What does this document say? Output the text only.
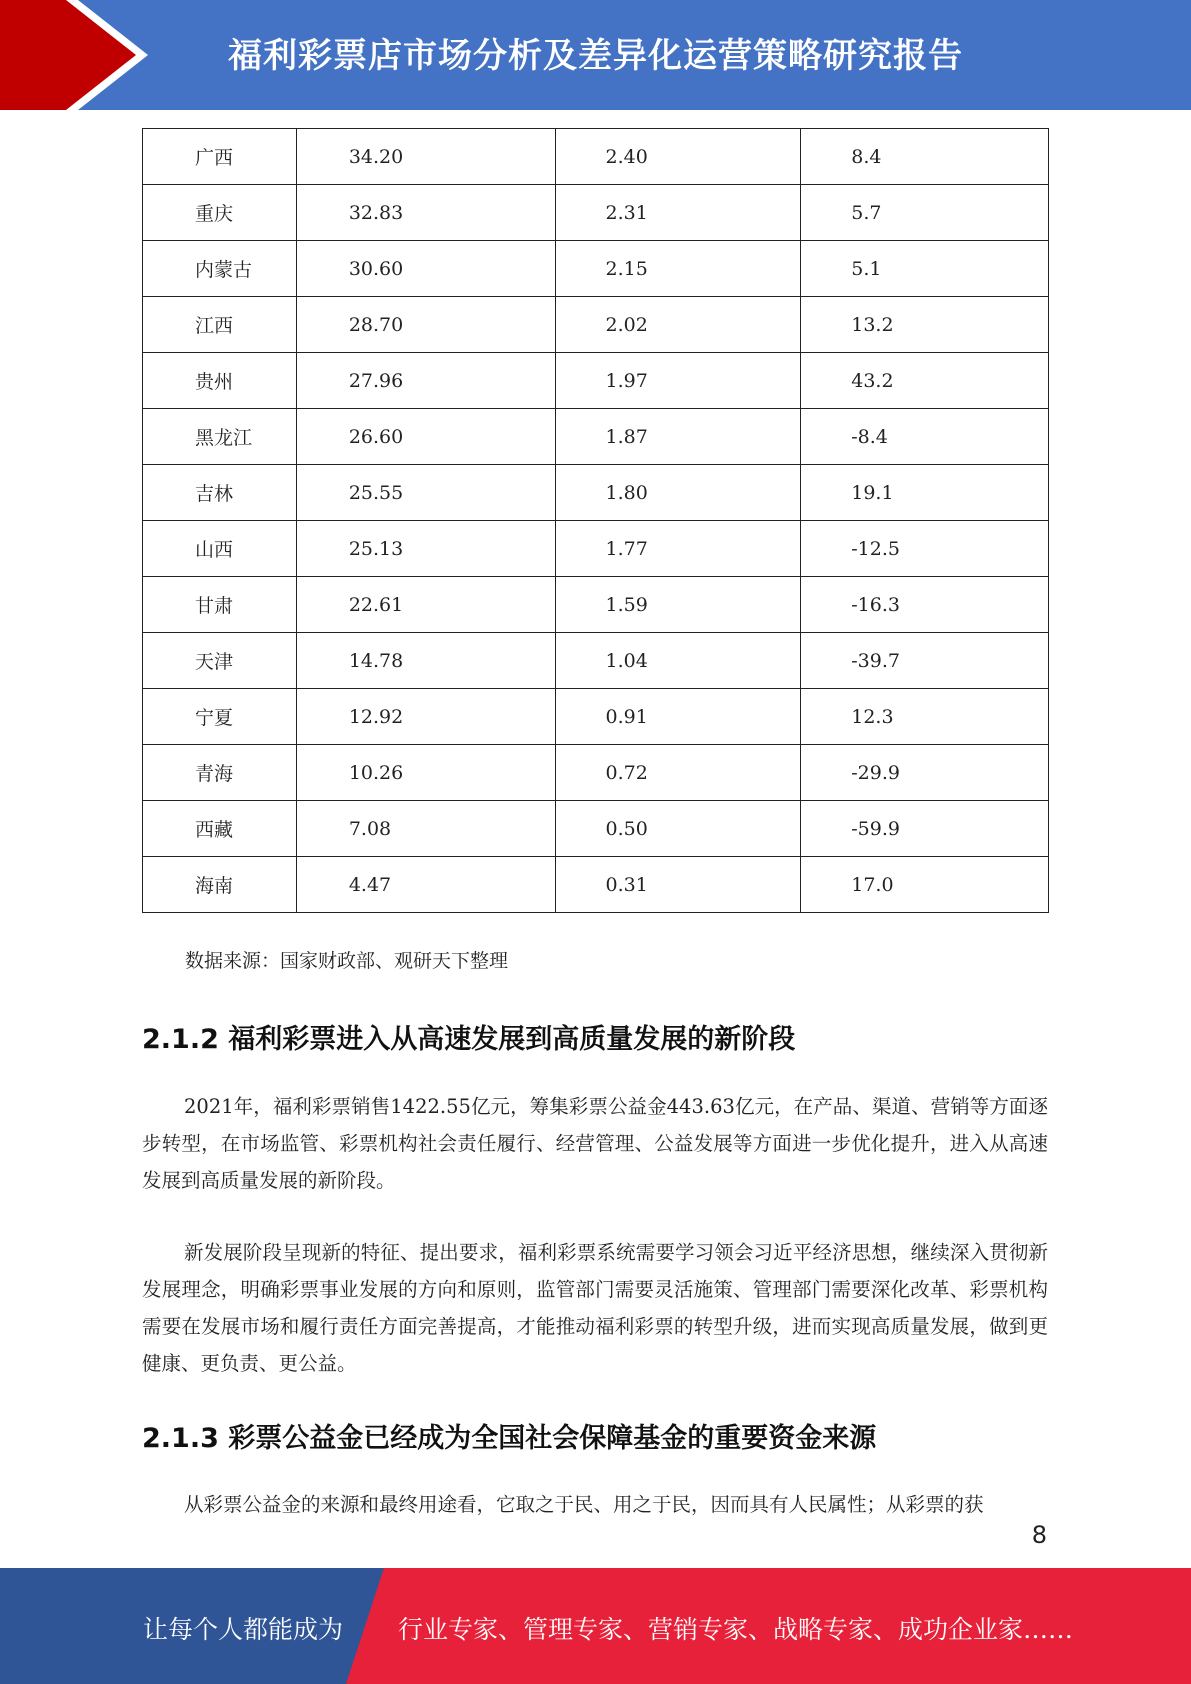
福利彩票店市场分析及差异化运营策略研究报告
广西	34.20	2.40	8.4
重庆	32.83	2.31	5.7
内蒙古	30.60	2.15	5.1
江西	28.70	2.02	13.2
贵州	27.96	1.97	43.2
黑龙江	26.60	1.87	-8.4
吉林	25.55	1.80	19.1
山西	25.13	1.77	-12.5
甘肃	22.61	1.59	-16.3
天津	14.78	1.04	-39.7
宁夏	12.92	0.91	12.3
青海	10.26	0.72	-29.9
西藏	7.08	0.50	-59.9
海南	4.47	0.31	17.0
数据来源：国家财政部、观研天下整理
2.1.2 福利彩票进入从高速发展到高质量发展的新阶段

2021年，福利彩票销售1422.55亿元，筹集彩票公益金443.63亿元，在产品、渠道、营销等方面逐步转型，在市场监管、彩票机构社会责任履行、经营管理、公益发展等方面进一步优化提升，进入从高速发展到高质量发展的新阶段。

新发展阶段呈现新的特征、提出要求，福利彩票系统需要学习领会习近平经济思想，继续深入贯彻新发展理念，明确彩票事业发展的方向和原则，监管部门需要灵活施策、管理部门需要深化改革、彩票机构需要在发展市场和履行责任方面完善提高，才能推动福利彩票的转型升级，进而实现高质量发展，做到更健康、更负责、更公益。

2.1.3 彩票公益金已经成为全国社会保障基金的重要资金来源

从彩票公益金的来源和最终用途看，它取之于民、用之于民，因而具有人民属性；从彩票的获

8
让每个人都能成为 行业专家、管理专家、营销专家、战略专家、成功企业家……
